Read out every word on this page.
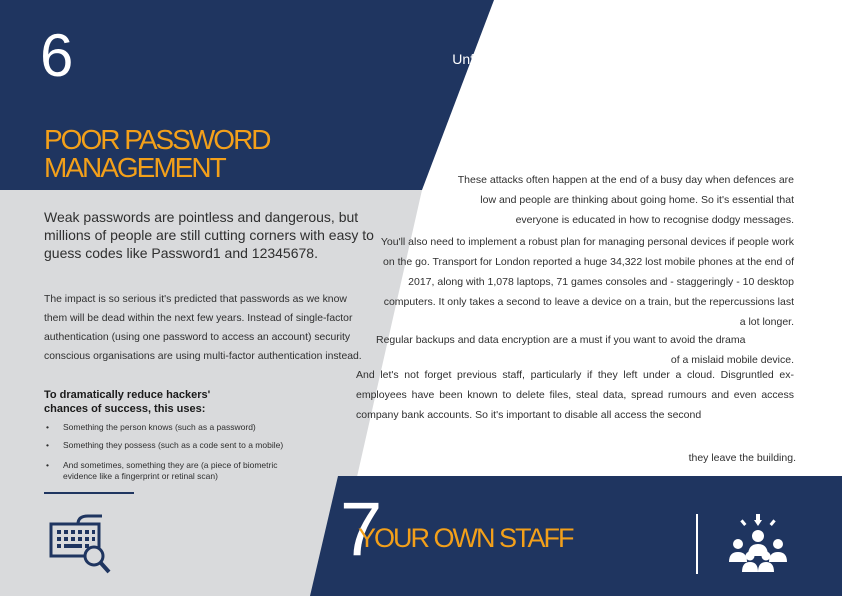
6
POOR PASSWORD
MANAGEMENT
Weak passwords are pointless and dangerous, but millions of people are still cutting corners with easy to guess codes like Password1 and 12345678.
The impact is so serious it's predicted that passwords as we know them will be dead within the next few years. Instead of single-factor authentication (using one password to access an account) security conscious organisations are using multi-factor authentication instead.
To dramatically reduce hackers' chances of success, this uses:
• Something the person knows (such as a password)
• Something they possess (such as a code sent to a mobile)
• And sometimes, something they are (a piece of biometric evidence like a fingerprint or retinal scan)
Unfortunately, the weakest link in many organisations is often well-meaning staff. With the exception of sophisticated attacks like NotPetya, the majority of computer viruses need a human being to enable them, by clicking on a link or replying to a phishing email.
These attacks often happen at the end of a busy day when defences are low and people are thinking about going home. So it's essential that everyone is educated in how to recognise dodgy messages.
You'll also need to implement a robust plan for managing personal devices if people work on the go. Transport for London reported a huge 34,322 lost mobile phones at the end of 2017, along with 1,078 laptops, 71 games consoles and - staggeringly - 10 desktop computers. It only takes a second to leave a device on a train, but the repercussions last a lot longer.
Regular backups and data encryption are a must if you want to avoid the drama
of a mislaid mobile device.
And let's not forget previous staff, particularly if they left under a cloud. Disgruntled ex-employees have been known to delete files, steal data, spread rumours and even access company bank accounts. So it's important to disable all access the second
they leave the building.
7
YOUR OWN STAFF
